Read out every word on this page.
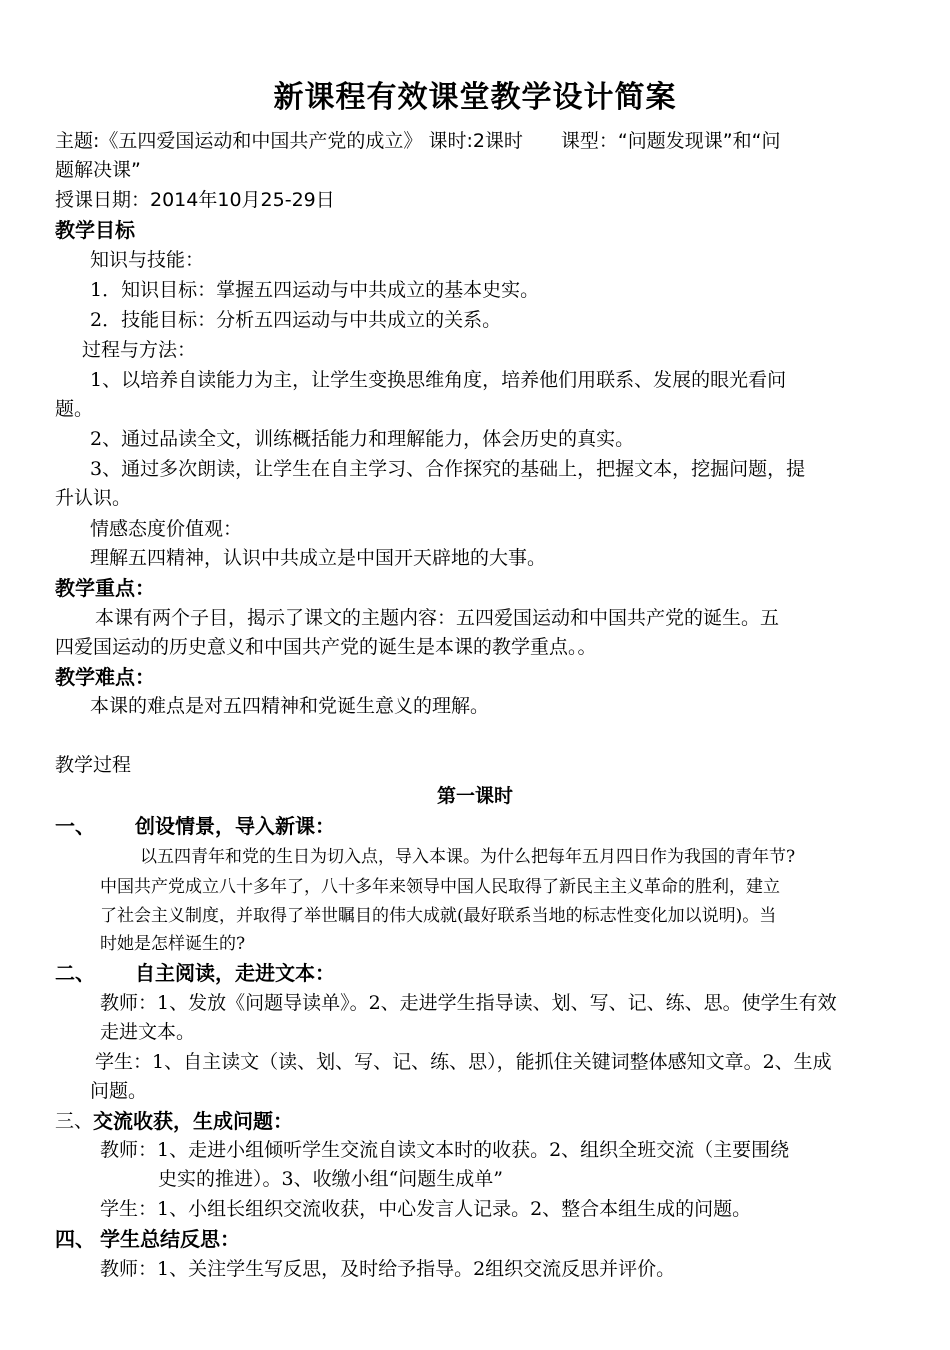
新课程有效课堂教学设计简案
主题:《五四爱国运动和中国共产党的成立》 课时:2课时　　课型：“问题发现课”和“问
题解决课”
授课日期：2014年10月25-29日
教学目标
知识与技能：
1．知识目标：掌握五四运动与中共成立的基本史实。
2．技能目标：分析五四运动与中共成立的关系。
过程与方法：
1、以培养自读能力为主，让学生变换思维角度，培养他们用联系、发展的眼光看问
题。
2、通过品读全文，训练概括能力和理解能力，体会历史的真实。
3、通过多次朗读，让学生在自主学习、合作探究的基础上，把握文本，挖掘问题，提
升认识。
情感态度价值观：
理解五四精神，认识中共成立是中国开天辟地的大事。
教学重点：
本课有两个子目，揭示了课文的主题内容：五四爱国运动和中国共产党的诞生。五
四爱国运动的历史意义和中国共产党的诞生是本课的教学重点。。
教学难点：
本课的难点是对五四精神和党诞生意义的理解。
教学过程
第一课时
一、 创设情景，导入新课：
以五四青年和党的生日为切入点，导入本课。为什么把每年五月四日作为我国的青年节?
中国共产党成立八十多年了，八十多年来领导中国人民取得了新民主主义革命的胜利，建立
了社会主义制度，并取得了举世瞩目的伟大成就(最好联系当地的标志性变化加以说明)。当
时她是怎样诞生的?
二、 自主阅读，走进文本：
教师：1、发放《问题导读单》。2、走进学生指导读、划、写、记、练、思。使学生有效
走进文本。
学生：1、自主读文（读、划、写、记、练、思），能抓住关键词整体感知文章。2、生成
问题。
三、 交流收获，生成问题：
教师：1、走进小组倾听学生交流自读文本时的收获。2、组织全班交流（主要围绕
史实的推进）。3、收缴小组“问题生成单”
学生：1、小组长组织交流收获，中心发言人记录。2、整合本组生成的问题。
四、 学生总结反思：
教师：1、关注学生写反思，及时给予指导。2组织交流反思并评价。
